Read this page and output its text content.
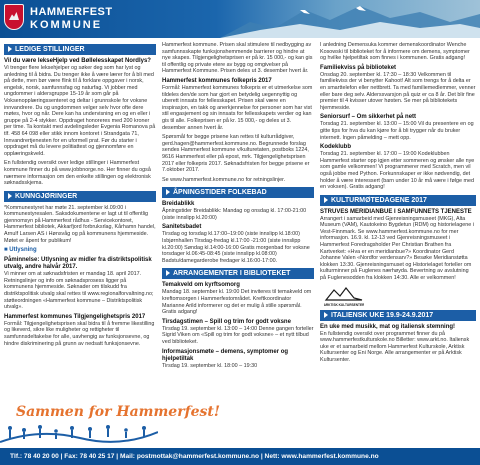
HAMMERFEST
KOMMUNE
LEDIGE STILLINGER
Vil du være lekseHjelp ved Bøllelesskapet Nordlys?
Vi trenger flere leksehjelper og søker deg som har lyst og anledning til å bidra. Du trenger ikke å være lærer for å bli med på dette, men bør være flink til å forklare oppgaver i norsk, engelsk, norsk, samfunnsfag og naturfag. Vi jobber med ungdommer i aldersgruppe 15-19 år som går på Voksenopplæringssenteret og deltar i grunnskole for voksne innvandrere. Du og ungdommen velger selv hvor ofte dere møtes, hvor og når. Dere kan ha undervisning en og en eller i gruppe på 2-4 stykker. Oppdraget honoreres med 200 kroner per time. Ta kontakt med avdelingsleder Evgenia Romanova på tlf. 458 64 098 eller stikk innom kontoret i Strandgata 71, Innvandrertjenesten for en uformell prat. Før du starter i oppdraget må du levere politiattest og gjennomføre en opplæringskveld.
En fullstendig oversikt over ledige stillinger i Hammerfest kommune finner du på www.jobbnorge.no. Her finner du også nærmere informasjon om den enkelte stillingen og elektronisk søknadsskjema.
KUNNGJØRINGER
*Kommunestyret har møte 21. september kl.09:00 i kommunestyresalen. Saksdokumentene er lagt ut til offentlig gjennomsyn på Hammerfest rådhus - Servicekontoret, Hammerfest bibliotek, Akkarfjord forbruksrlag, Kårhamn handel, Arnulf Larsen AS i Hønsvåg og på kommunens hjemmeside. Møtet er åpent for publikum!
■ Utlysning
Påminnelse: Utlysning av midler fra distriktspolitisk utvalg, andre halvår 2017.
Vi minner om at søknadsfristen er mandag 18. april 2017. Retningslinjer og info om søknadsprosess ligger på kommunens hjemmeside. Søknader om tilskudd fra distriktspolitisk utvalg skal rettes til www.regionalforvaltning.no; støtteordningen «Hammerfest kommune – Distriktspolitisk utvalg».
Hammerfest kommunes Tilgjengelighetspris 2017
Formål: Tilgjengelighetsprisen skal bidra til å fremme likestilling og likeverd, sikre like muligheter og rettigheter til samfunnsdeltakelse for alle, uavhengig av funksjonsevne, og hindre diskriminering på grunn av nedsatt funksjonsevne.
Hammerfest kommune. Prisen skal stimulere til nedbygging av samfunnsskapte funksjonshemmende barrierer og hindre at nye skapes. Tilgjengelighetsprisen er på kr. 15 000,- og kan gis til offentlig og private etere av bygg og omgivelser på Hammerfest Kommune. Prisen deles ut 3. desember hvert år.
Hammerfest kommunes folkepris 2017
Formål: Hammerfest kommunes folkepris er et utmerkelse som tildeles den/de som har gjort en betydelig uegennyttig og uberett innsats for fellesskapet. Prisen skal være en inspirasjon, en takk og anerkjennelse for personer som har vist stil engasjement og sin innsats for fellesskapets verdier og kan gis til alle. Folkeprisen er på kr. 15 000,- og deles ut 3. desember annen hvert år.
Spørsmål for begge prisene kan rettes til kulturrådgiver, gerd.hagen@hammerfest.kommune.no. Begrunnede forslag sendes Hammerfest kommune v/kulturetaten, postboks 1224, 9616 Hammerfest eller på epost, mrk. Tilgjengelighetsprisen 2017 eller folkepris 2017. Søknadsfristen for begge prisene er 7.oktober 2017.
Se www.hammerfest.kommune.no for retningslinjer.
ÅPNINGSTIDER FOLKEBAD
Breidablikk
Åpningstider Breidablikk: Mandag og onsdag kl. 17:00-21:00 (siste innslipp kl.20:00)
Sanitetsbadet
Tirsdag og torsdag kl.17:00–19:00 (siste innslipp kl.18:00) Isbjørnhallen Tirsdag-fredag kl.17:00 -21:00 (siste innslipp kl.20:00) Søndag kl.14:00-16:00 Gratis morgenbad for voksne torsdager kl.06:45-08:45 (siste innslipp kl.08:00) Badstu/damegarderobe fredager kl.16:00-17:00.
ARRANGEMENTER I BIBLIOTEKET
Temakveld om kyrftsomorg
Mandag 18. september kl. 19:00 Det inviteres til temakveld om kreftomsorgen i Hammerfestområdet. Kreftkoordinator Marianne Arild informerer og det er mulig å stille spørsmål. Gratis adgang!
Tirsdagstimen – Spill og trim for godt voksne
Tirsdag 19. september kl. 13:00 – 14:00 Denne gangen forteller Sigrid Viken om «Spill og trim for godt voksne» – et nytt tilbud ved biblioteket.
Informasjonsmøte – demens, symptomer og hjelpetiltak
Tirsdag 19. september kl. 18:00 – 19:30
I anledning Demensuka kommer demenskoordinator Wenche Kosowski til biblioteket for å informere om demens, symptomer og hvilke hjelpetiltak som finnes i kommunen. Gratis adgang!
Familiekviss på biblioteket
Onsdag 20. september kl. 17:30 – 18:30 Velkommen til familiekviss der vi benytter Kahoot! Alt som trengs for å delta er en smarttelefon eller nettbrett. Ta med familiemedlemmer, venner eller bare deg selv. Alderssvarsjon på quiz er ca 8 år. Det blir fine premier til 4 kvisser utover høsten. Se mer på bibliotekets hjemmeside.
Seniorsurf – Om sikkerhet på nett
Torsdag 21. september kl. 13:00 – 15:00 Vil du presentere en og gitte tips for hva du kan kjøre for å bli trygger når du bruker internett. Ingen påmelding – mett opp.
Kodeklubb
Torsdag 21. september kl. 17:00 – 19:00 Kodeklubben Hammerfest starter opp igjen etter sommeren og ønsker alle nye som gamle velkommen! Vi programmerer med Scratch, men vil også jobbe med Python. Forkunnskaper er ikke nødvendig, det holder å være interessert (barn under 10 år må være i følge med en voksen). Gratis adgang!
KULTURMØTEDAGENE 2017
STRUVES MERIDIANBUE I SAMFUNNETS TJENESTE
Arrangert i samarbeid med Gjenreisningsmuseet (MKG), Alta Museum (VAM), Kautokeino Bygdetun (RDM) og historielagene i Vest-Finnmark. Se www.hammerfest.kommune.no for mer informasjon. 16.9. kl. 12-13 ved Gjenreisningsmuseet i Hammerfest Foredragsholder Per Christian Brathen fra Kartverket: «Hva er en meridianbue?» Koordinator Gerd Johanne Valen «Nordfor verdensarv?» Besøke Meridianstøtta klokken 13:30. Gjenreisningsmuset og Historielaget forteller om kulturminner på Fuglenes nærhøyda. Bevertning av avslutning på Fuglenesodden fra klokken 14:30. Alle er velkommen!
ARKTISK KULTURSENTER
ITALIENSK UKE 19.9-24.9.2017
En uke med musikk, mat og italiensk stemning!
En fullstendig oversikt over programmet finner du på www.hammerfestkulturskole.no Billetter: www.arkt.no. Italiensk uke er et samarbeid mellom Hammerfest Kulturskole, Arktisk Kultursenter og Eni Norge. Alle arrangementer er på Arktisk Kultursenter.
Sammen for Hammerfest!
Tlf.: 78 40 20 00 | Fax: 78 40 25 17 | Mail: postmottak@hammerfest.kommune.no | Nett: www.hammerfest.kommune.no
